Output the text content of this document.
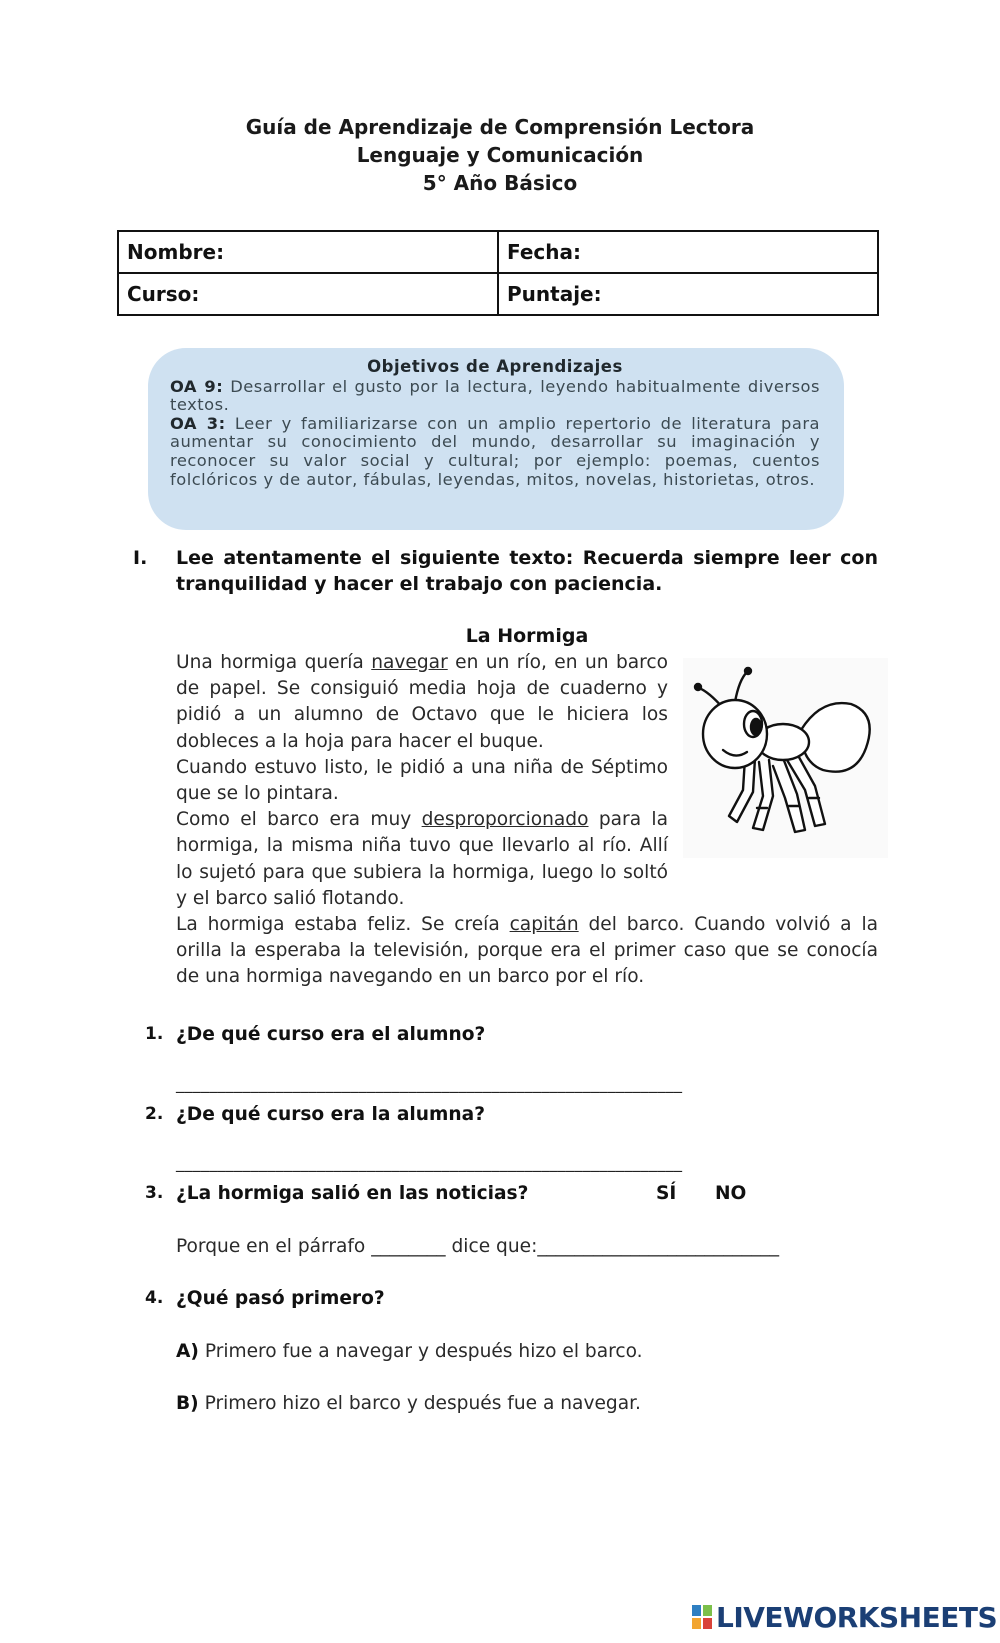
Guía de Aprendizaje de Comprensión Lectora
Lenguaje y Comunicación
5° Año Básico
Nombre:	Fecha:
Curso:	Puntaje:
Objetivos de Aprendizajes

OA 9: Desarrollar el gusto por la lectura, leyendo habitualmente diversos textos.

OA 3: Leer y familiarizarse con un amplio repertorio de literatura para aumentar su conocimiento del mundo, desarrollar su imaginación y reconocer su valor social y cultural; por ejemplo: poemas, cuentos folclóricos y de autor, fábulas, leyendas, mitos, novelas, historietas, otros.

I. Lee atentamente el siguiente texto: Recuerda siempre leer con tranquilidad y hacer el trabajo con paciencia.
La Hormiga

Una hormiga quería navegar en un río, en un barco de papel. Se consiguió media hoja de cuaderno y pidió a un alumno de Octavo que le hiciera los dobleces a la hoja para hacer el buque.

Cuando estuvo listo, le pidió a una niña de Séptimo que se lo pintara.

Como el barco era muy desproporcionado para la hormiga, la misma niña tuvo que llevarlo al río. Allí lo sujetó para que subiera la hormiga, luego lo soltó y el barco salió flotando.

La hormiga estaba feliz. Se creía capitán del barco. Cuando volvió a la orilla la esperaba la televisión, porque era el primer caso que se conocía de una hormiga navegando en un barco por el río.

1. ¿De qué curso era el alumno?
_____________________________________________________________
2. ¿De qué curso era la alumna?
_____________________________________________________________
3. ¿La hormiga salió en las noticias?	SÍ NO
Porque en el párrafo ________ dice que:__________________________
4. ¿Qué pasó primero?
A) Primero fue a navegar y después hizo el barco.
B) Primero hizo el barco y después fue a navegar.
LIVEWORKSHEETS
